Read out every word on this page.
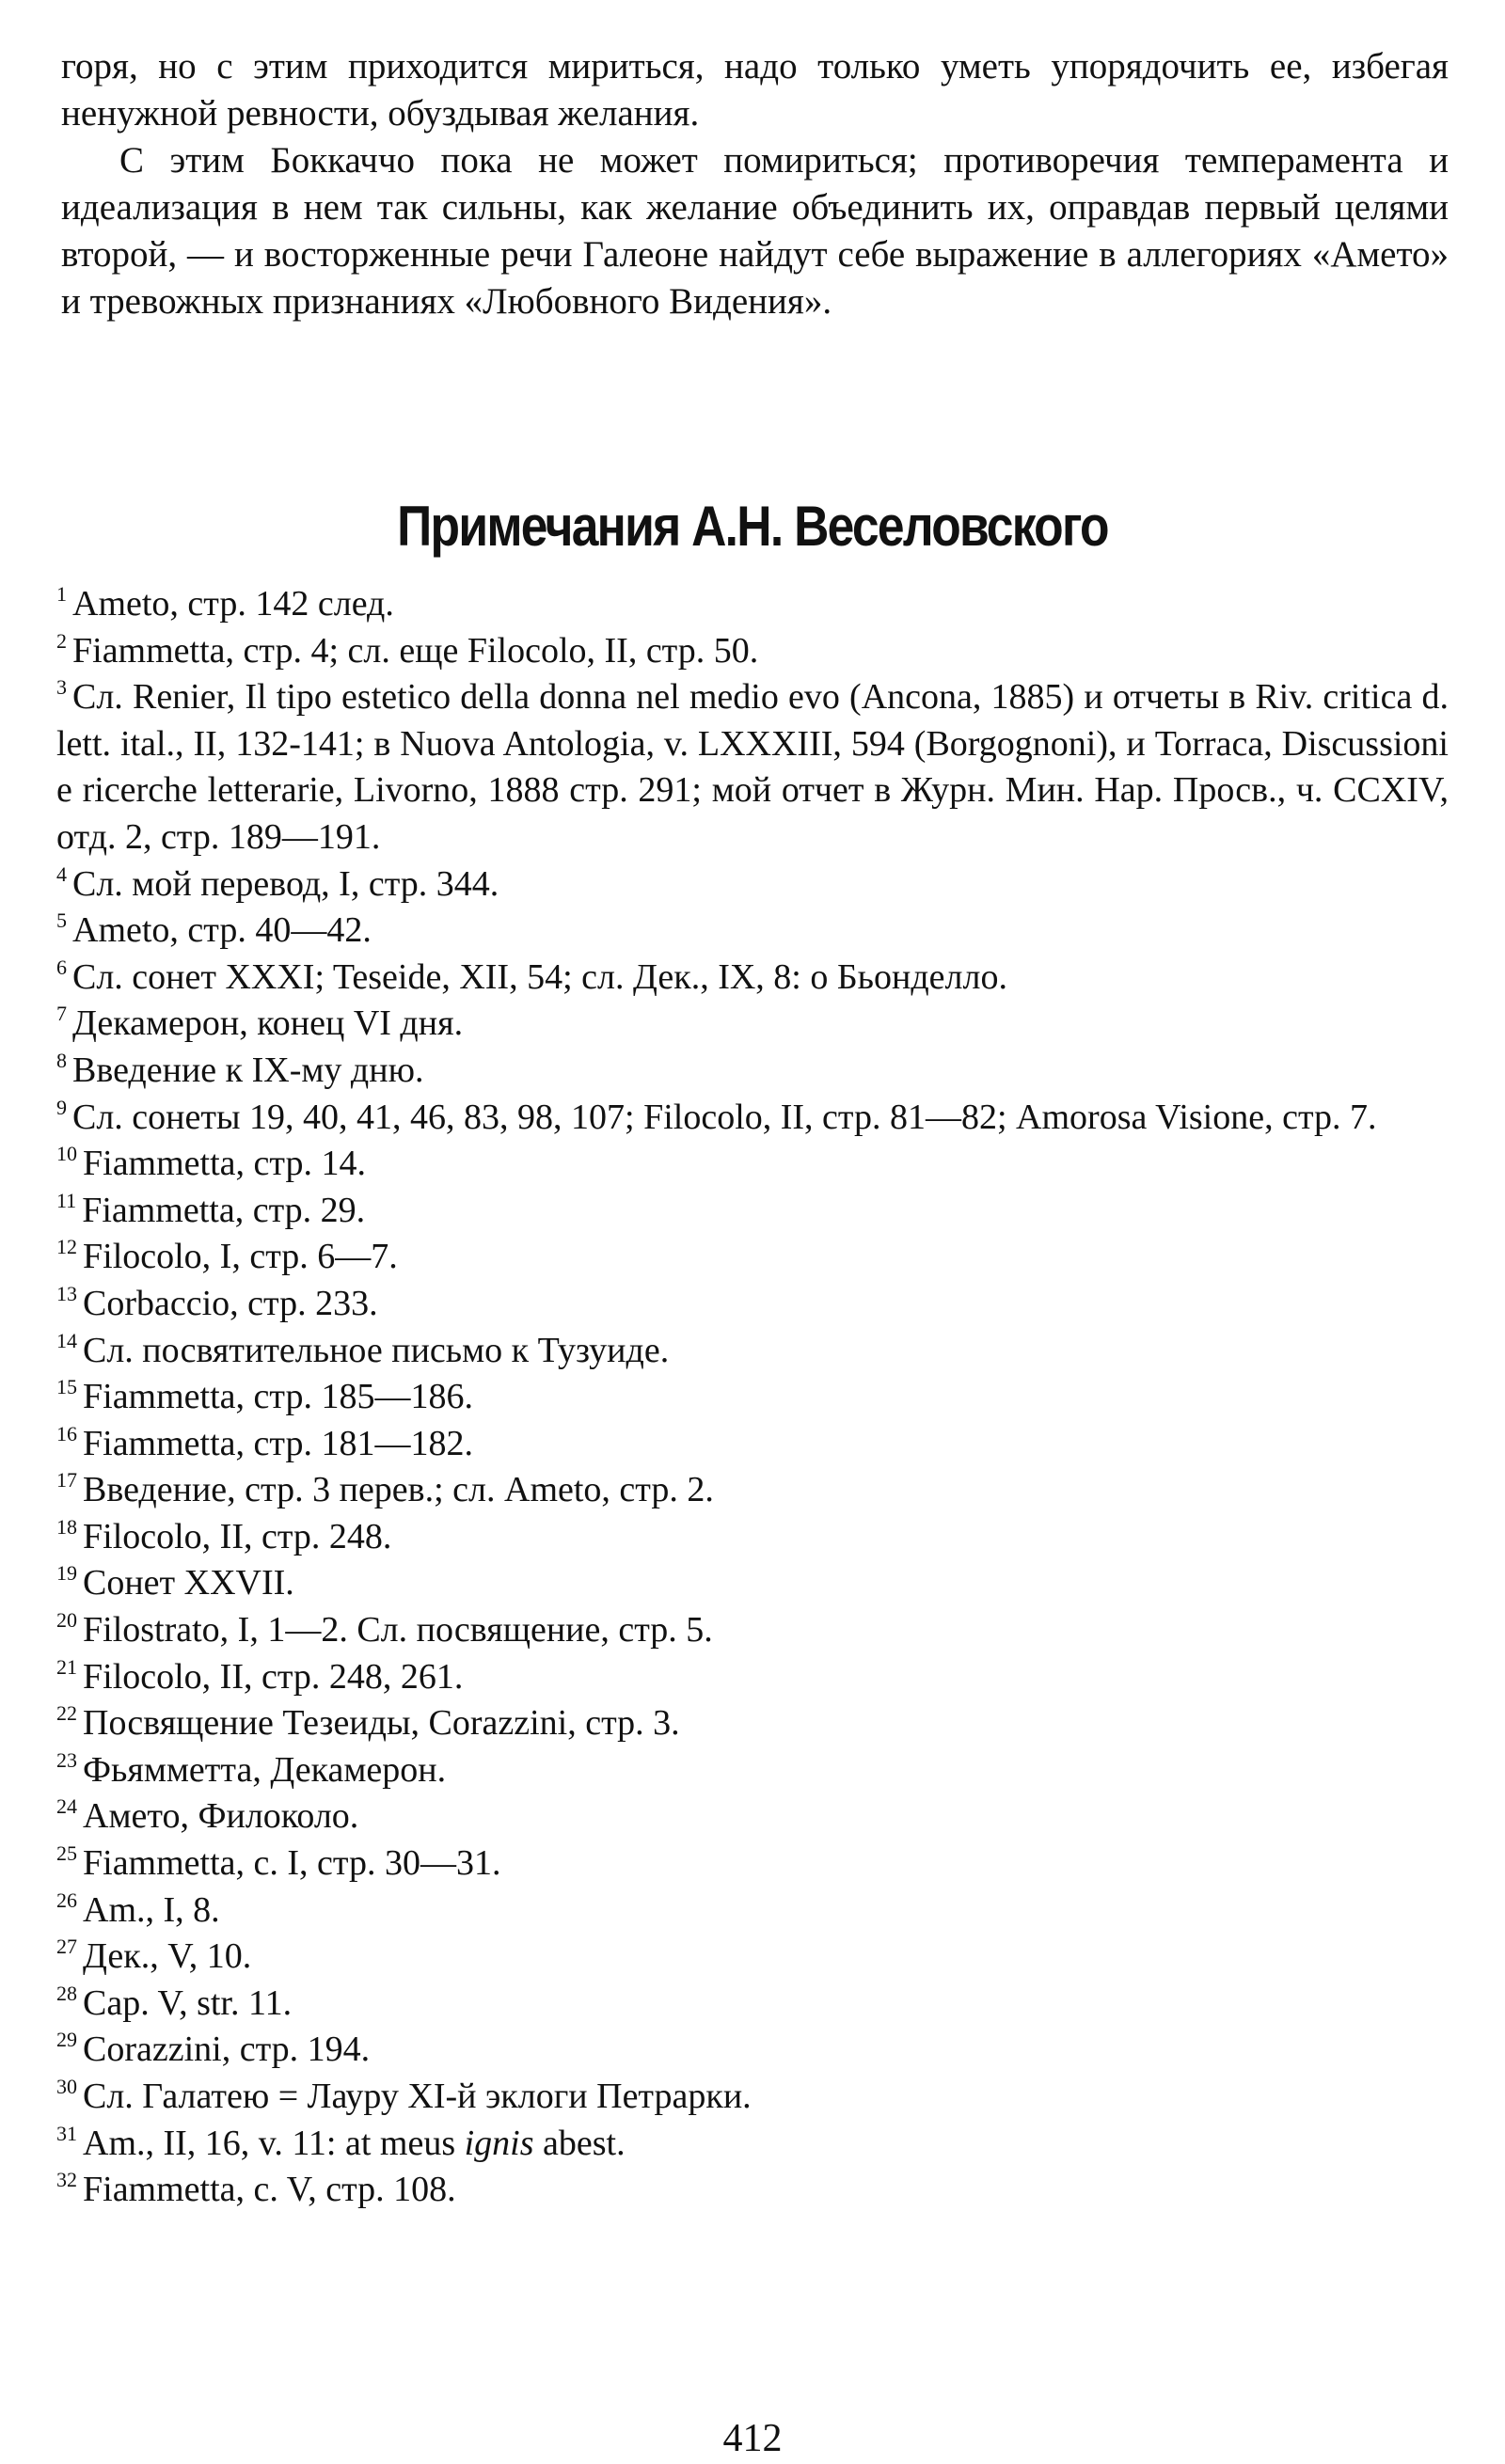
горя, но с этим приходится мириться, надо только уметь упорядочить ее, избегая ненужной ревности, обуздывая желания.

С этим Боккаччо пока не может помириться; противоречия темперамента и идеализация в нем так сильны, как желание объединить их, оправдав первый целями второй, — и восторженные речи Галеоне найдут себе выражение в аллегориях «Амето» и тревожных признаниях «Любовного Видения».

Примечания А.Н. Веселовского
$^1$ Ameto, стр. 142 след.
$^2$ Fiammetta, стр. 4; сл. еще Filocolo, II, стр. 50.
$^3$ Сл. Renier, Il tipo estetico della donna nel medio evo (Ancona, 1885) и отчеты в Riv. critica d. lett. ital., II, 132-141; в Nuova Antologia, v. LXXXIII, 594 (Borgognoni), и Torraca, Discussioni e ricerche letterarie, Livorno, 1888 стр. 291; мой отчет в Журн. Мин. Нар. Просв., ч. CCXIV, отд. 2, стр. 189—191.
$^4$ Сл. мой перевод, I, стр. 344.
$^5$ Ameto, стр. 40—42.
$^6$ Сл. сонет XXXI; Teseide, XII, 54; сл. Дек., IX, 8: о Бьонделло.
$^7$ Декамерон, конец VI дня.
$^8$ Введение к IX-му дню.
$^9$ Сл. сонеты 19, 40, 41, 46, 83, 98, 107; Filocolo, II, стр. 81—82; Amorosa Visione, стр. 7.
$^{10}$ Fiammetta, стр. 14.
$^{11}$ Fiammetta, стр. 29.
$^{12}$ Filocolo, I, стр. 6—7.
$^{13}$ Corbaccio, стр. 233.
$^{14}$ Сл. посвятительное письмо к Тузуиде.
$^{15}$ Fiammetta, стр. 185—186.
$^{16}$ Fiammetta, стр. 181—182.
$^{17}$ Введение, стр. 3 перев.; сл. Ameto, стр. 2.
$^{18}$ Filocolo, II, стр. 248.
$^{19}$ Сонет XXVII.
$^{20}$ Filostrato, I, 1—2. Сл. посвящение, стр. 5.
$^{21}$ Filocolo, II, стр. 248, 261.
$^{22}$ Посвящение Тезеиды, Corazzini, стр. 3.
$^{23}$ Фьямметта, Декамерон.
$^{24}$ Амето, Филоколо.
$^{25}$ Fiammetta, c. I, стр. 30—31.
$^{26}$ Am., I, 8.
$^{27}$ Дек., V, 10.
$^{28}$ Cap. V, str. 11.
$^{29}$ Corazzini, стр. 194.
$^{30}$ Сл. Галатею = Лауру XI-й эклоги Петрарки.
$^{31}$ Am., II, 16, v. 11: at meus ignis abest.
$^{32}$ Fiammetta, c. V, стр. 108.
412
